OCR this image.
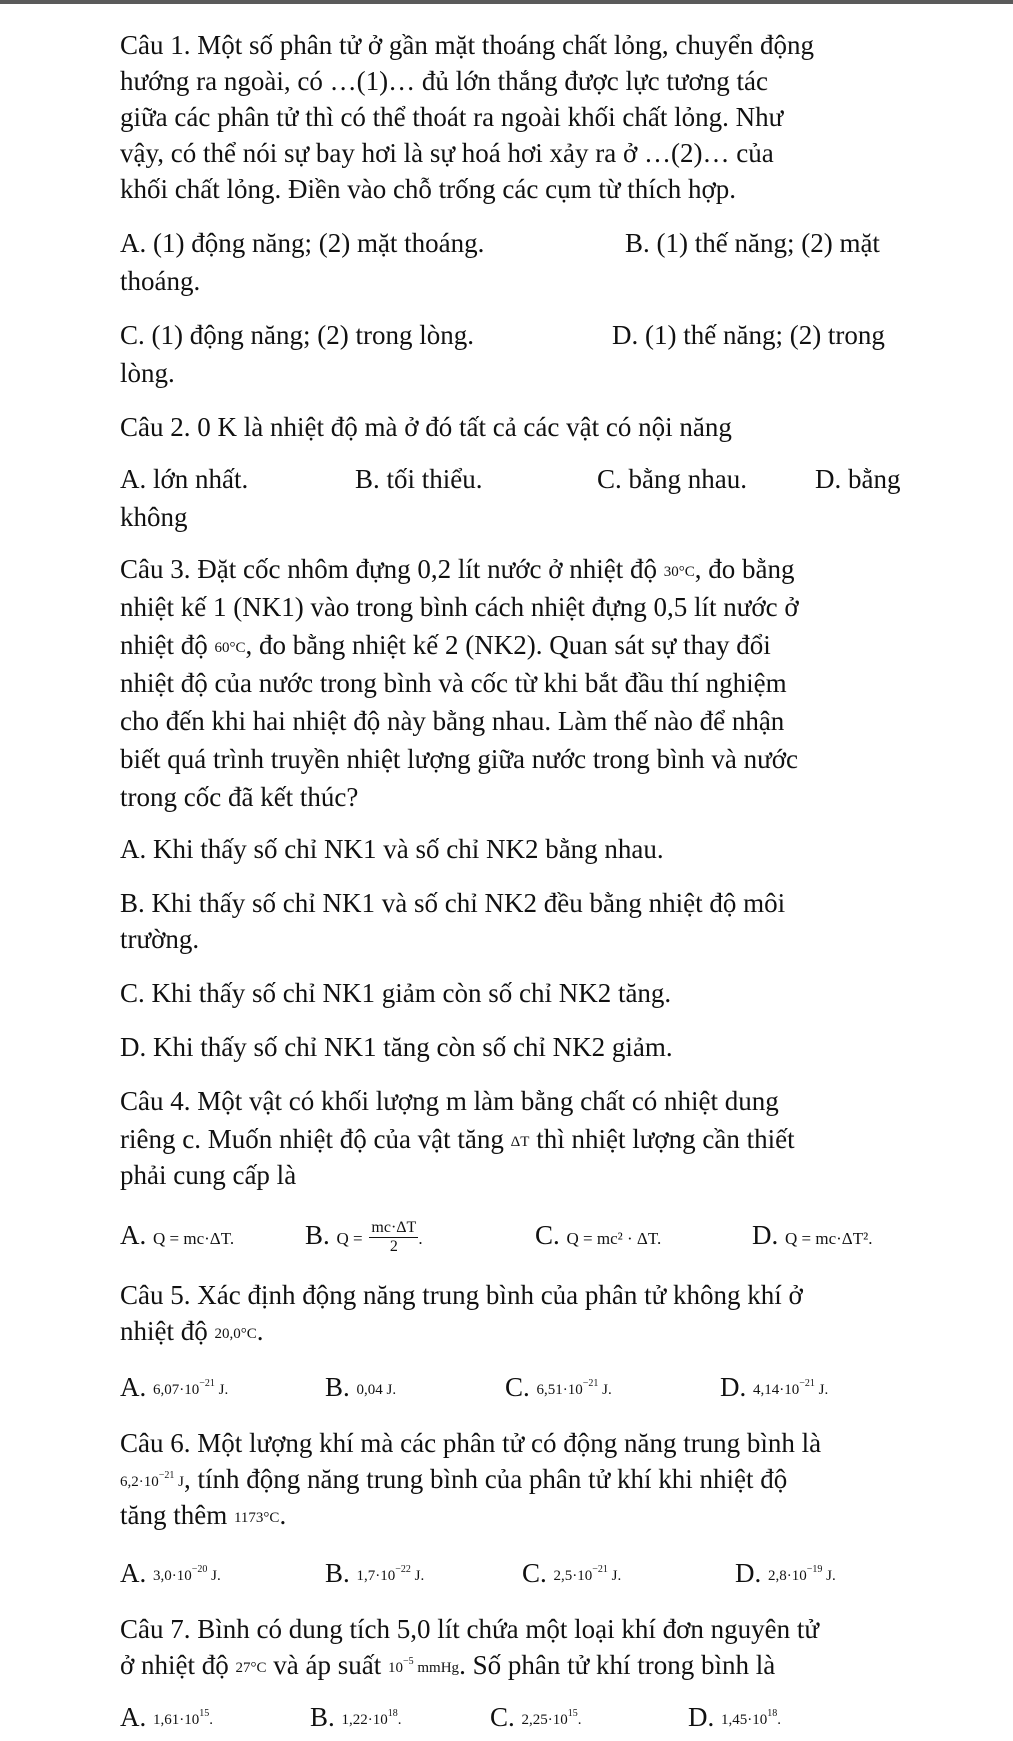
Câu 1. Một số phân tử ở gần mặt thoáng chất lỏng, chuyển động
hướng ra ngoài, có …(1)… đủ lớn thắng được lực tương tác
giữa các phân tử thì có thể thoát ra ngoài khối chất lỏng. Như
vậy, có thể nói sự bay hơi là sự hoá hơi xảy ra ở …(2)… của
khối chất lỏng. Điền vào chỗ trống các cụm từ thích hợp.
A. (1) động năng; (2) mặt thoáng.	B. (1) thế năng; (2) mặt
thoáng.
C. (1) động năng; (2) trong lòng.	D. (1) thế năng; (2) trong
lòng.
Câu 2. 0 K là nhiệt độ mà ở đó tất cả các vật có nội năng
A. lớn nhất.	B. tối thiểu.	C. bằng nhau.	D. bằng
không
Câu 3. Đặt cốc nhôm đựng 0,2 lít nước ở nhiệt độ 30°C, đo bằng
nhiệt kế 1 (NK1) vào trong bình cách nhiệt đựng 0,5 lít nước ở
nhiệt độ 60°C, đo bằng nhiệt kế 2 (NK2). Quan sát sự thay đổi
nhiệt độ của nước trong bình và cốc từ khi bắt đầu thí nghiệm
cho đến khi hai nhiệt độ này bằng nhau. Làm thế nào để nhận
biết quá trình truyền nhiệt lượng giữa nước trong bình và nước
trong cốc đã kết thúc?
A. Khi thấy số chỉ NK1 và số chỉ NK2 bằng nhau.
B. Khi thấy số chỉ NK1 và số chỉ NK2 đều bằng nhiệt độ môi
trường.
C. Khi thấy số chỉ NK1 giảm còn số chỉ NK2 tăng.
D. Khi thấy số chỉ NK1 tăng còn số chỉ NK2 giảm.
Câu 4. Một vật có khối lượng m làm bằng chất có nhiệt dung
riêng c. Muốn nhiệt độ của vật tăng ΔT thì nhiệt lượng cần thiết
phải cung cấp là
A. Q = mc·ΔT.	B. $Q = \frac{mc\cdot\Delta T}{2}$ .	C. Q = mc² · ΔT.	D. Q = mc·ΔT².
Câu 5. Xác định động năng trung bình của phân tử không khí ở
nhiệt độ 20,0°C.
A. $6,07\cdot 10^{-21}$ J.	B. 0,04 J.	C. $6,51\cdot 10^{-21}$ J.	D. $4,14\cdot 10^{-21}$ J.
Câu 6. Một lượng khí mà các phân tử có động năng trung bình là
$6,2\cdot 10^{-21}$ J, tính động năng trung bình của phân tử khí khi nhiệt độ
tăng thêm 1173°C.
A. $3,0\cdot 10^{-20}$ J.	B. $1,7\cdot 10^{-22}$ J.	C. $2,5\cdot 10^{-21}$ J.	D. $2,8\cdot 10^{-19}$ J.
Câu 7. Bình có dung tích 5,0 lít chứa một loại khí đơn nguyên tử
ở nhiệt độ 27°C và áp suất $10^{-5}$ mmHg. Số phân tử khí trong bình là
A. $1,61\cdot 10^{15}$.	B. $1,22\cdot 10^{18}$.	C. $2,25\cdot 10^{15}$.	D. $1,45\cdot 10^{18}$.
